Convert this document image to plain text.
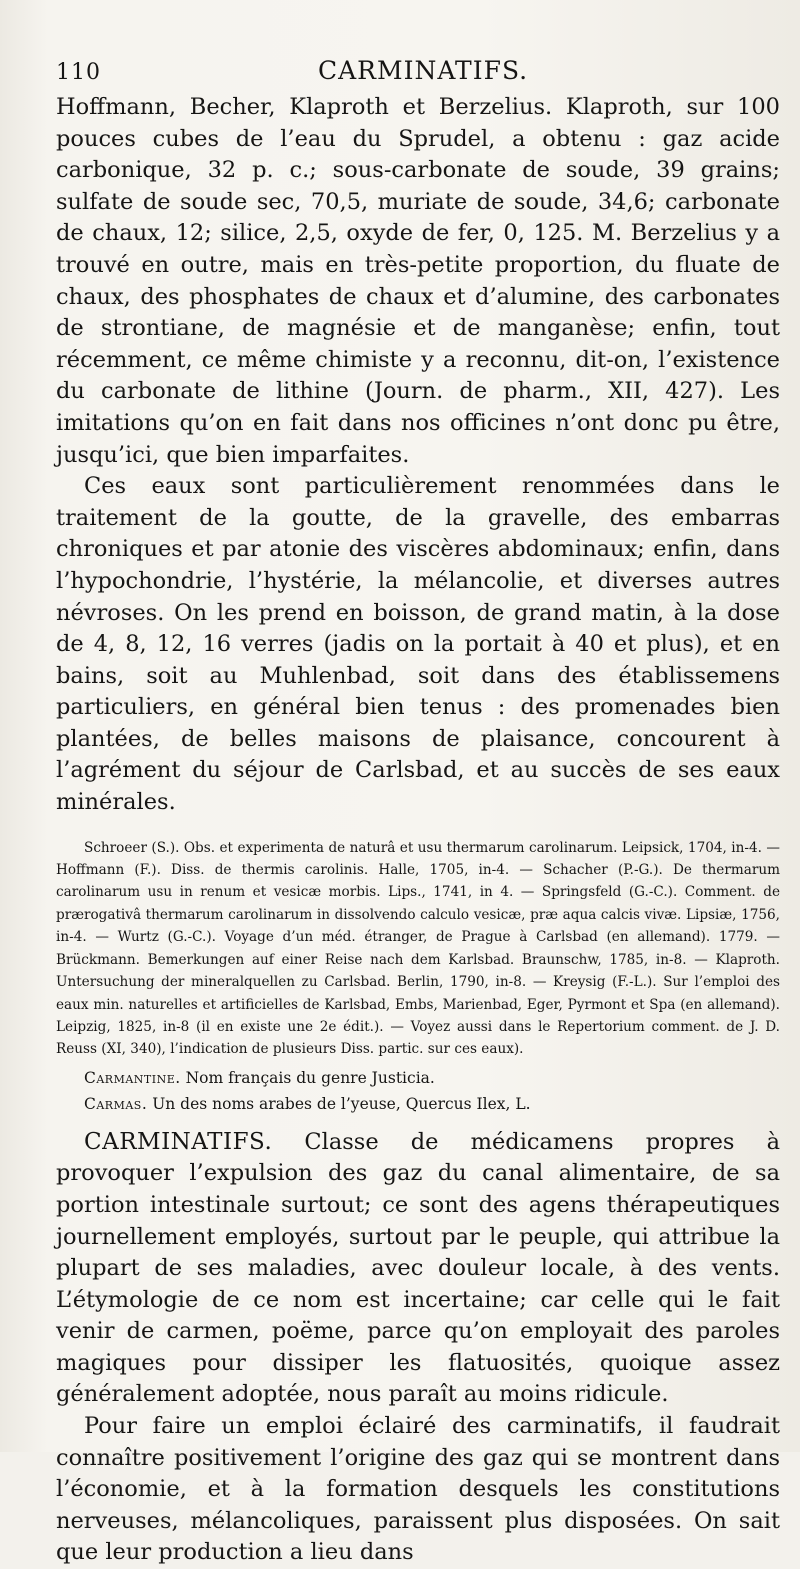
110	CARMINATIFS.

Hoffmann, Becher, Klaproth et Berzelius. Klaproth, sur 100 pouces cubes de l’eau du Sprudel, a obtenu : gaz acide carbonique, 32 p. c.; sous-carbonate de soude, 39 grains; sulfate de soude sec, 70,5, muriate de soude, 34,6; carbonate de chaux, 12; silice, 2,5, oxyde de fer, 0, 125. M. Berzelius y a trouvé en outre, mais en très-petite proportion, du fluate de chaux, des phosphates de chaux et d’alumine, des carbonates de strontiane, de magnésie et de manganèse; enfin, tout récemment, ce même chimiste y a reconnu, dit-on, l’existence du carbonate de lithine (Journ. de pharm., XII, 427). Les imitations qu’on en fait dans nos officines n’ont donc pu être, jusqu’ici, que bien imparfaites.

Ces eaux sont particulièrement renommées dans le traitement de la goutte, de la gravelle, des embarras chroniques et par atonie des viscères abdominaux; enfin, dans l’hypochondrie, l’hystérie, la mélancolie, et diverses autres névroses. On les prend en boisson, de grand matin, à la dose de 4, 8, 12, 16 verres (jadis on la portait à 40 et plus), et en bains, soit au Muhlenbad, soit dans des établissemens particuliers, en général bien tenus : des promenades bien plantées, de belles maisons de plaisance, concourent à l’agrément du séjour de Carlsbad, et au succès de ses eaux minérales.

Schroeer (S.). Obs. et experimenta de naturâ et usu thermarum carolinarum. Leipsick, 1704, in-4. — Hoffmann (F.). Diss. de thermis carolinis. Halle, 1705, in-4. — Schacher (P.-G.). De thermarum carolinarum usu in renum et vesicæ morbis. Lips., 1741, in 4. — Springsfeld (G.-C.). Comment. de prærogativâ thermarum carolinarum in dissolvendo calculo vesicæ, præ aqua calcis vivæ. Lipsiæ, 1756, in-4. — Wurtz (G.-C.). Voyage d’un méd. étranger, de Prague à Carlsbad (en allemand). 1779. — Brückmann. Bemerkungen auf einer Reise nach dem Karlsbad. Braunschw, 1785, in-8. — Klaproth. Untersuchung der mineralquellen zu Carlsbad. Berlin, 1790, in-8. — Kreysig (F.-L.). Sur l’emploi des eaux min. naturelles et artificielles de Karlsbad, Embs, Marienbad, Eger, Pyrmont et Spa (en allemand). Leipzig, 1825, in-8 (il en existe une 2e édit.). — Voyez aussi dans le Repertorium comment. de J. D. Reuss (XI, 340), l’indication de plusieurs Diss. partic. sur ces eaux).

Carmantine. Nom français du genre Justicia.

Carmas. Un des noms arabes de l’yeuse, Quercus Ilex, L.

CARMINATIFS. Classe de médicamens propres à provoquer l’expulsion des gaz du canal alimentaire, de sa portion intestinale surtout; ce sont des agens thérapeutiques journellement employés, surtout par le peuple, qui attribue la plupart de ses maladies, avec douleur locale, à des vents. L’étymologie de ce nom est incertaine; car celle qui le fait venir de carmen, poëme, parce qu’on employait des paroles magiques pour dissiper les flatuosités, quoique assez généralement adoptée, nous paraît au moins ridicule.

Pour faire un emploi éclairé des carminatifs, il faudrait connaître positivement l’origine des gaz qui se montrent dans l’économie, et à la formation desquels les constitutions nerveuses, mélancoliques, paraissent plus disposées. On sait que leur production a lieu dans
